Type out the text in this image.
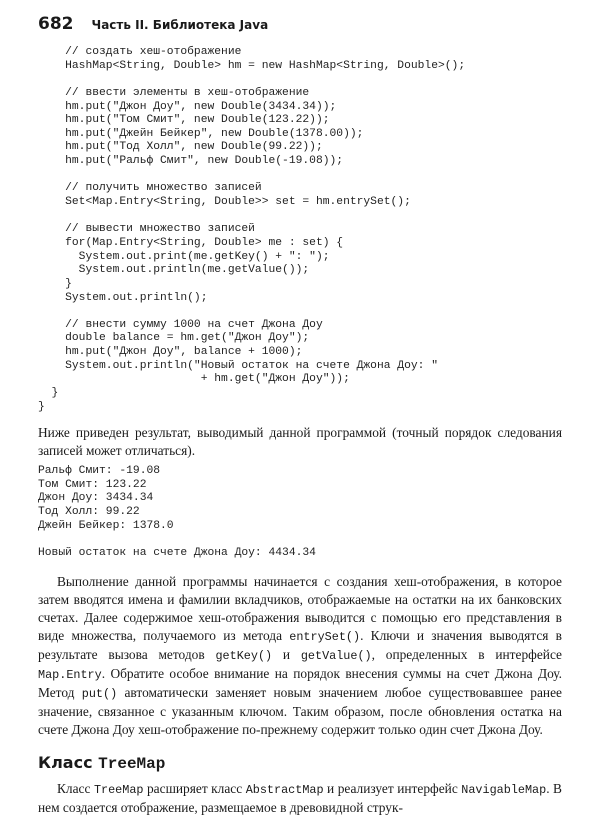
682 Часть II. Библиотека Java
// создать хеш-отображение
HashMap<String, Double> hm = new HashMap<String, Double>();
// ввести элементы в хеш-отображение
hm.put("Джон Доу", new Double(3434.34));
hm.put("Том Смит", new Double(123.22));
hm.put("Джейн Бейкер", new Double(1378.00));
hm.put("Тод Холл", new Double(99.22));
hm.put("Ральф Смит", new Double(-19.08));
// получить множество записей
Set<Map.Entry<String, Double>> set = hm.entrySet();
// вывести множество записей
for(Map.Entry<String, Double> me : set) {
System.out.print(me.getKey() + ": ");
System.out.println(me.getValue());
}
System.out.println();
// внести сумму 1000 на счет Джона Доу
double balance = hm.get("Джон Доу");
hm.put("Джон Доу", balance + 1000);
System.out.println("Новый остаток на счете Джона Доу: "
+ hm.get("Джон Доу"));
}
}
Ниже приведен результат, выводимый данной программой (точный порядок следования записей может отличаться).
Ральф Смит: -19.08
Том Смит: 123.22
Джон Доу: 3434.34
Тод Холл: 99.22
Джейн Бейкер: 1378.0
Новый остаток на счете Джона Доу: 4434.34
Выполнение данной программы начинается с создания хеш-отображения, в которое затем вводятся имена и фамилии вкладчиков, отображаемые на остатки на их банковских счетах. Далее содержимое хеш-отображения выводится с помощью его представления в виде множества, получаемого из метода entrySet(). Ключи и значения выводятся в результате вызова методов getKey() и getValue(), определенных в интерфейсе Map.Entry. Обратите особое внимание на порядок внесения суммы на счет Джона Доу. Метод put() автоматически заменяет новым значением любое существовавшее ранее значение, связанное с указанным ключом. Таким образом, после обновления остатка на счете Джона Доу хеш-отображение по-прежнему содержит только один счет Джона Доу.
Класс TreeMap
Класс TreeMap расширяет класс AbstractMap и реализует интерфейс NavigableMap. В нем создается отображение, размещаемое в древовидной струк-
